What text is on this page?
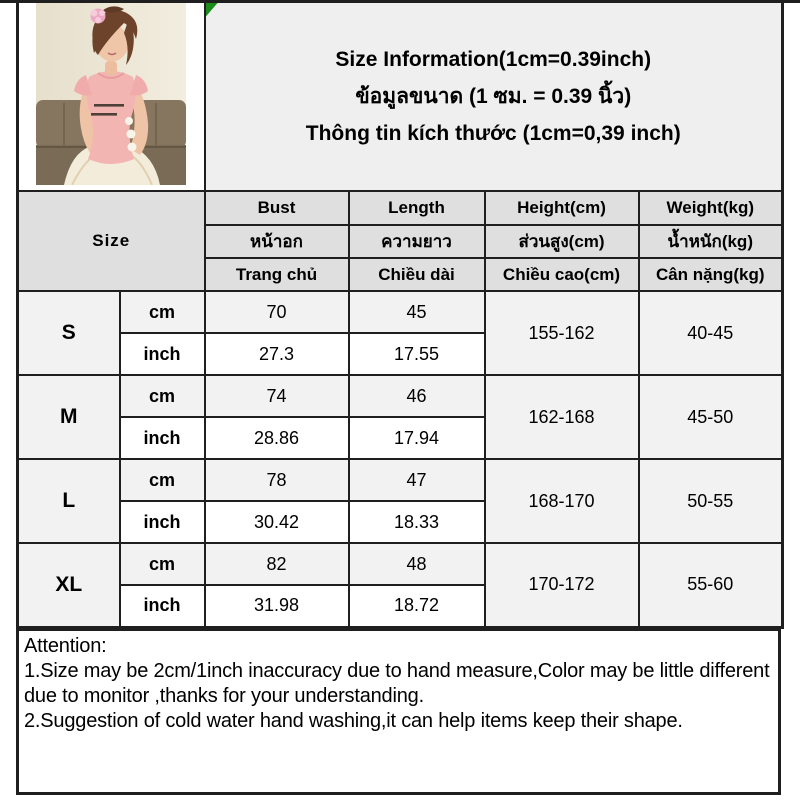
Size Information(1cm=0.39inch)
ข้อมูลขนาด (1 ซม. = 0.39 นิ้ว)
Thông tin kích thước (1cm=0,39 inch)			

Size		Bust	Length	Height(cm)	Weight(kg)
		หน้าอก	ความยาว	ส่วนสูง(cm)	น้ำหนัก(kg)
		Trang chủ	Chiều dài	Chiều cao(cm)	Cân nặng(kg)
S	cm	70	45	155-162	40-45
	inch	27.3	17.55		
M	cm	74	46	162-168	45-50
	inch	28.86	17.94		
L	cm	78	47	168-170	50-55
	inch	30.42	18.33		
XL	cm	82	48	170-172	55-60
	inch	31.98	18.72		
Attention:
1.Size may be 2cm/1inch inaccuracy due to hand measure,Color may be little different due to monitor ,thanks for your understanding.
2.Suggestion of cold water hand washing,it can help items keep their shape.
